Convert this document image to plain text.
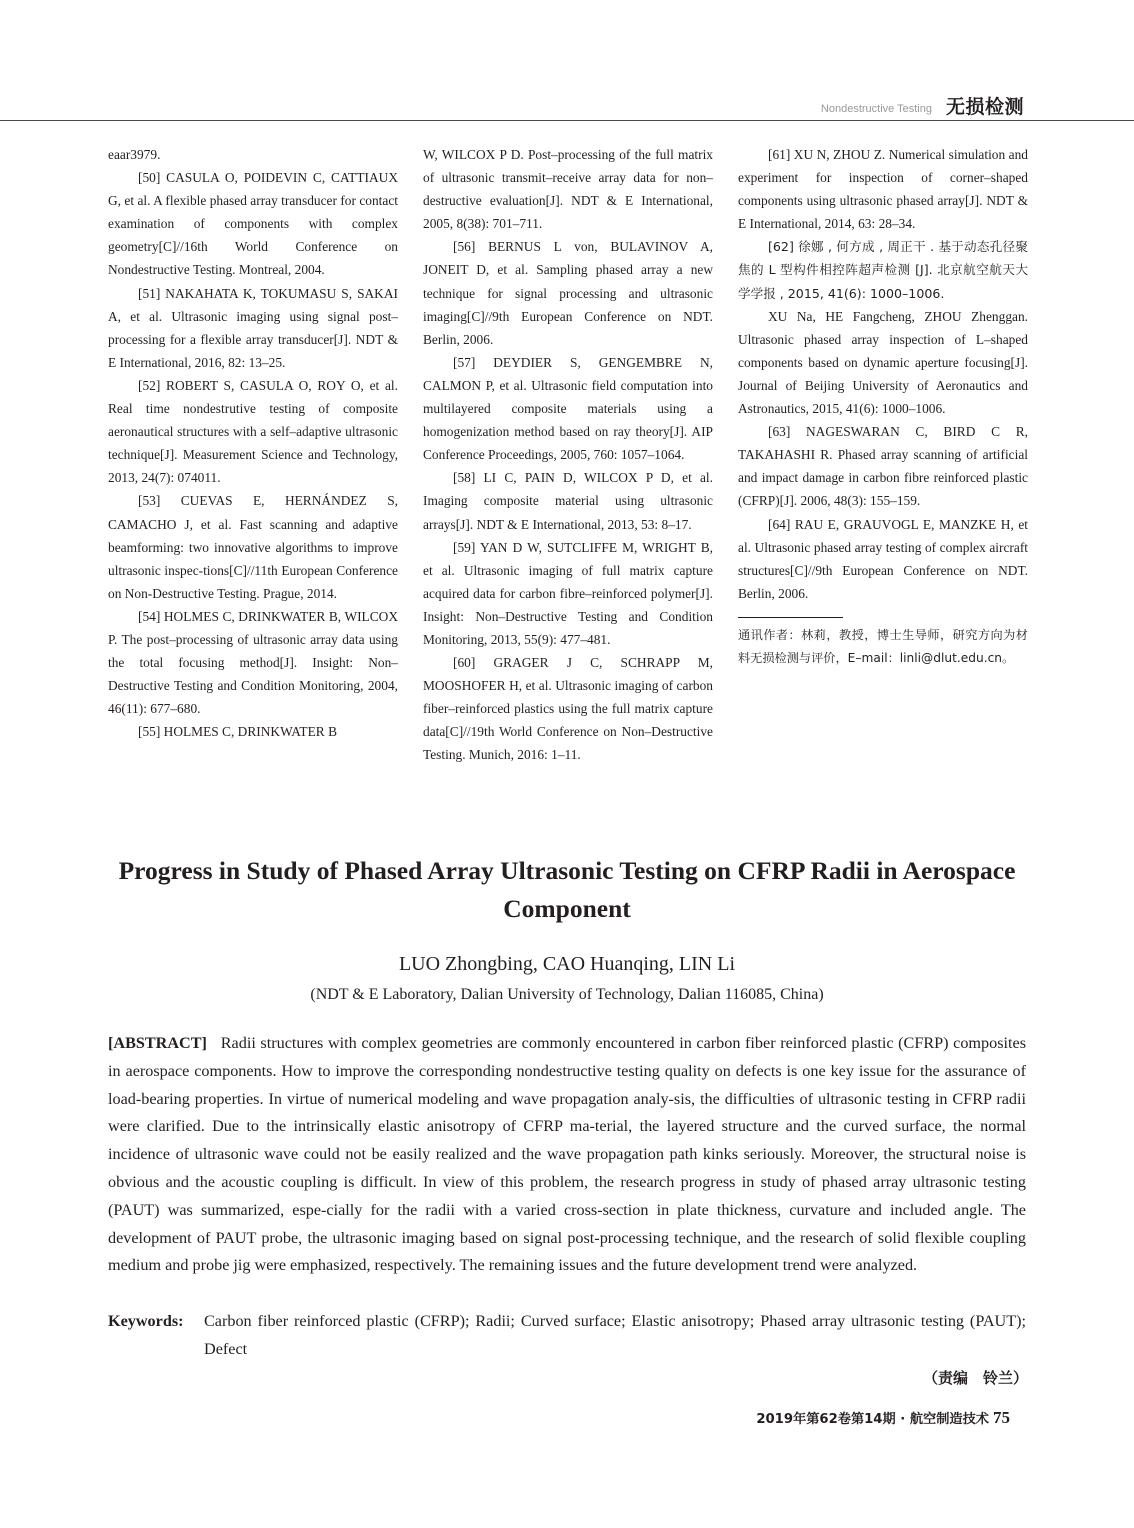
Nondestructive Testing 无损检测

eaar3979.

[50] CASULA O, POIDEVIN C, CATTIAUX G, et al. A flexible phased array transducer for contact examination of components with complex geometry[C]//16th World Conference on Nondestructive Testing. Montreal, 2004.

[51] NAKAHATA K, TOKUMASU S, SAKAI A, et al. Ultrasonic imaging using signal post–processing for a flexible array transducer[J]. NDT & E International, 2016, 82: 13–25.

[52] ROBERT S, CASULA O, ROY O, et al. Real time nondestrutive testing of composite aeronautical structures with a self–adaptive ultrasonic technique[J]. Measurement Science and Technology, 2013, 24(7): 074011.

[53] CUEVAS E, HERNÁNDEZ S, CAMACHO J, et al. Fast scanning and adaptive beamforming: two innovative algorithms to improve ultrasonic inspec-tions[C]//11th European Conference on Non-Destructive Testing. Prague, 2014.

[54] HOLMES C, DRINKWATER B, WILCOX P. The post–processing of ultrasonic array data using the total focusing method[J]. Insight: Non–Destructive Testing and Condition Monitoring, 2004, 46(11): 677–680.

[55] HOLMES C, DRINKWATER B

W, WILCOX P D. Post–processing of the full matrix of ultrasonic transmit–receive array data for non–destructive evaluation[J]. NDT & E International, 2005, 8(38): 701–711.

[56] BERNUS L von, BULAVINOV A, JONEIT D, et al. Sampling phased array a new technique for signal processing and ultrasonic imaging[C]//9th European Conference on NDT. Berlin, 2006.

[57] DEYDIER S, GENGEMBRE N, CALMON P, et al. Ultrasonic field computation into multilayered composite materials using a homogenization method based on ray theory[J]. AIP Conference Proceedings, 2005, 760: 1057–1064.

[58] LI C, PAIN D, WILCOX P D, et al. Imaging composite material using ultrasonic arrays[J]. NDT & E International, 2013, 53: 8–17.

[59] YAN D W, SUTCLIFFE M, WRIGHT B, et al. Ultrasonic imaging of full matrix capture acquired data for carbon fibre–reinforced polymer[J]. Insight: Non–Destructive Testing and Condition Monitoring, 2013, 55(9): 477–481.

[60] GRAGER J C, SCHRAPP M, MOOSHOFER H, et al. Ultrasonic imaging of carbon fiber–reinforced plastics using the full matrix capture data[C]//19th World Conference on Non–Destructive Testing. Munich, 2016: 1–11.

[61] XU N, ZHOU Z. Numerical simulation and experiment for inspection of corner–shaped components using ultrasonic phased array[J]. NDT & E International, 2014, 63: 28–34.

[62] 徐娜 , 何方成 , 周正干 . 基于动态孔径聚焦的 L 型构件相控阵超声检测 [J]. 北京航空航天大学学报 , 2015, 41(6): 1000–1006.

XU Na, HE Fangcheng, ZHOU Zhenggan. Ultrasonic phased array inspection of L–shaped components based on dynamic aperture focusing[J]. Journal of Beijing University of Aeronautics and Astronautics, 2015, 41(6): 1000–1006.

[63] NAGESWARAN C, BIRD C R, TAKAHASHI R. Phased array scanning of artificial and impact damage in carbon fibre reinforced plastic (CFRP)[J]. 2006, 48(3): 155–159.

[64] RAU E, GRAUVOGL E, MANZKE H, et al. Ultrasonic phased array testing of complex aircraft structures[C]//9th European Conference on NDT. Berlin, 2006.

通讯作者：林莉，教授，博士生导师，研究方向为材料无损检测与评价，E–mail：linli@dlut.edu.cn。

Progress in Study of Phased Array Ultrasonic Testing on CFRP Radii in Aerospace Component
LUO Zhongbing, CAO Huanqing, LIN Li
(NDT & E Laboratory, Dalian University of Technology, Dalian 116085, China)

[ABSTRACT] Radii structures with complex geometries are commonly encountered in carbon fiber reinforced plastic (CFRP) composites in aerospace components. How to improve the corresponding nondestructive testing quality on defects is one key issue for the assurance of load-bearing properties. In virtue of numerical modeling and wave propagation analy-sis, the difficulties of ultrasonic testing in CFRP radii were clarified. Due to the intrinsically elastic anisotropy of CFRP ma-terial, the layered structure and the curved surface, the normal incidence of ultrasonic wave could not be easily realized and the wave propagation path kinks seriously. Moreover, the structural noise is obvious and the acoustic coupling is difficult. In view of this problem, the research progress in study of phased array ultrasonic testing (PAUT) was summarized, espe-cially for the radii with a varied cross-section in plate thickness, curvature and included angle. The development of PAUT probe, the ultrasonic imaging based on signal post-processing technique, and the research of solid flexible coupling medium and probe jig were emphasized, respectively. The remaining issues and the future development trend were analyzed.

Keywords: Carbon fiber reinforced plastic (CFRP); Radii; Curved surface; Elastic anisotropy; Phased array ultrasonic testing (PAUT); Defect
（责编　铃兰）
2019年第62卷第14期 · 航空制造技术 75
